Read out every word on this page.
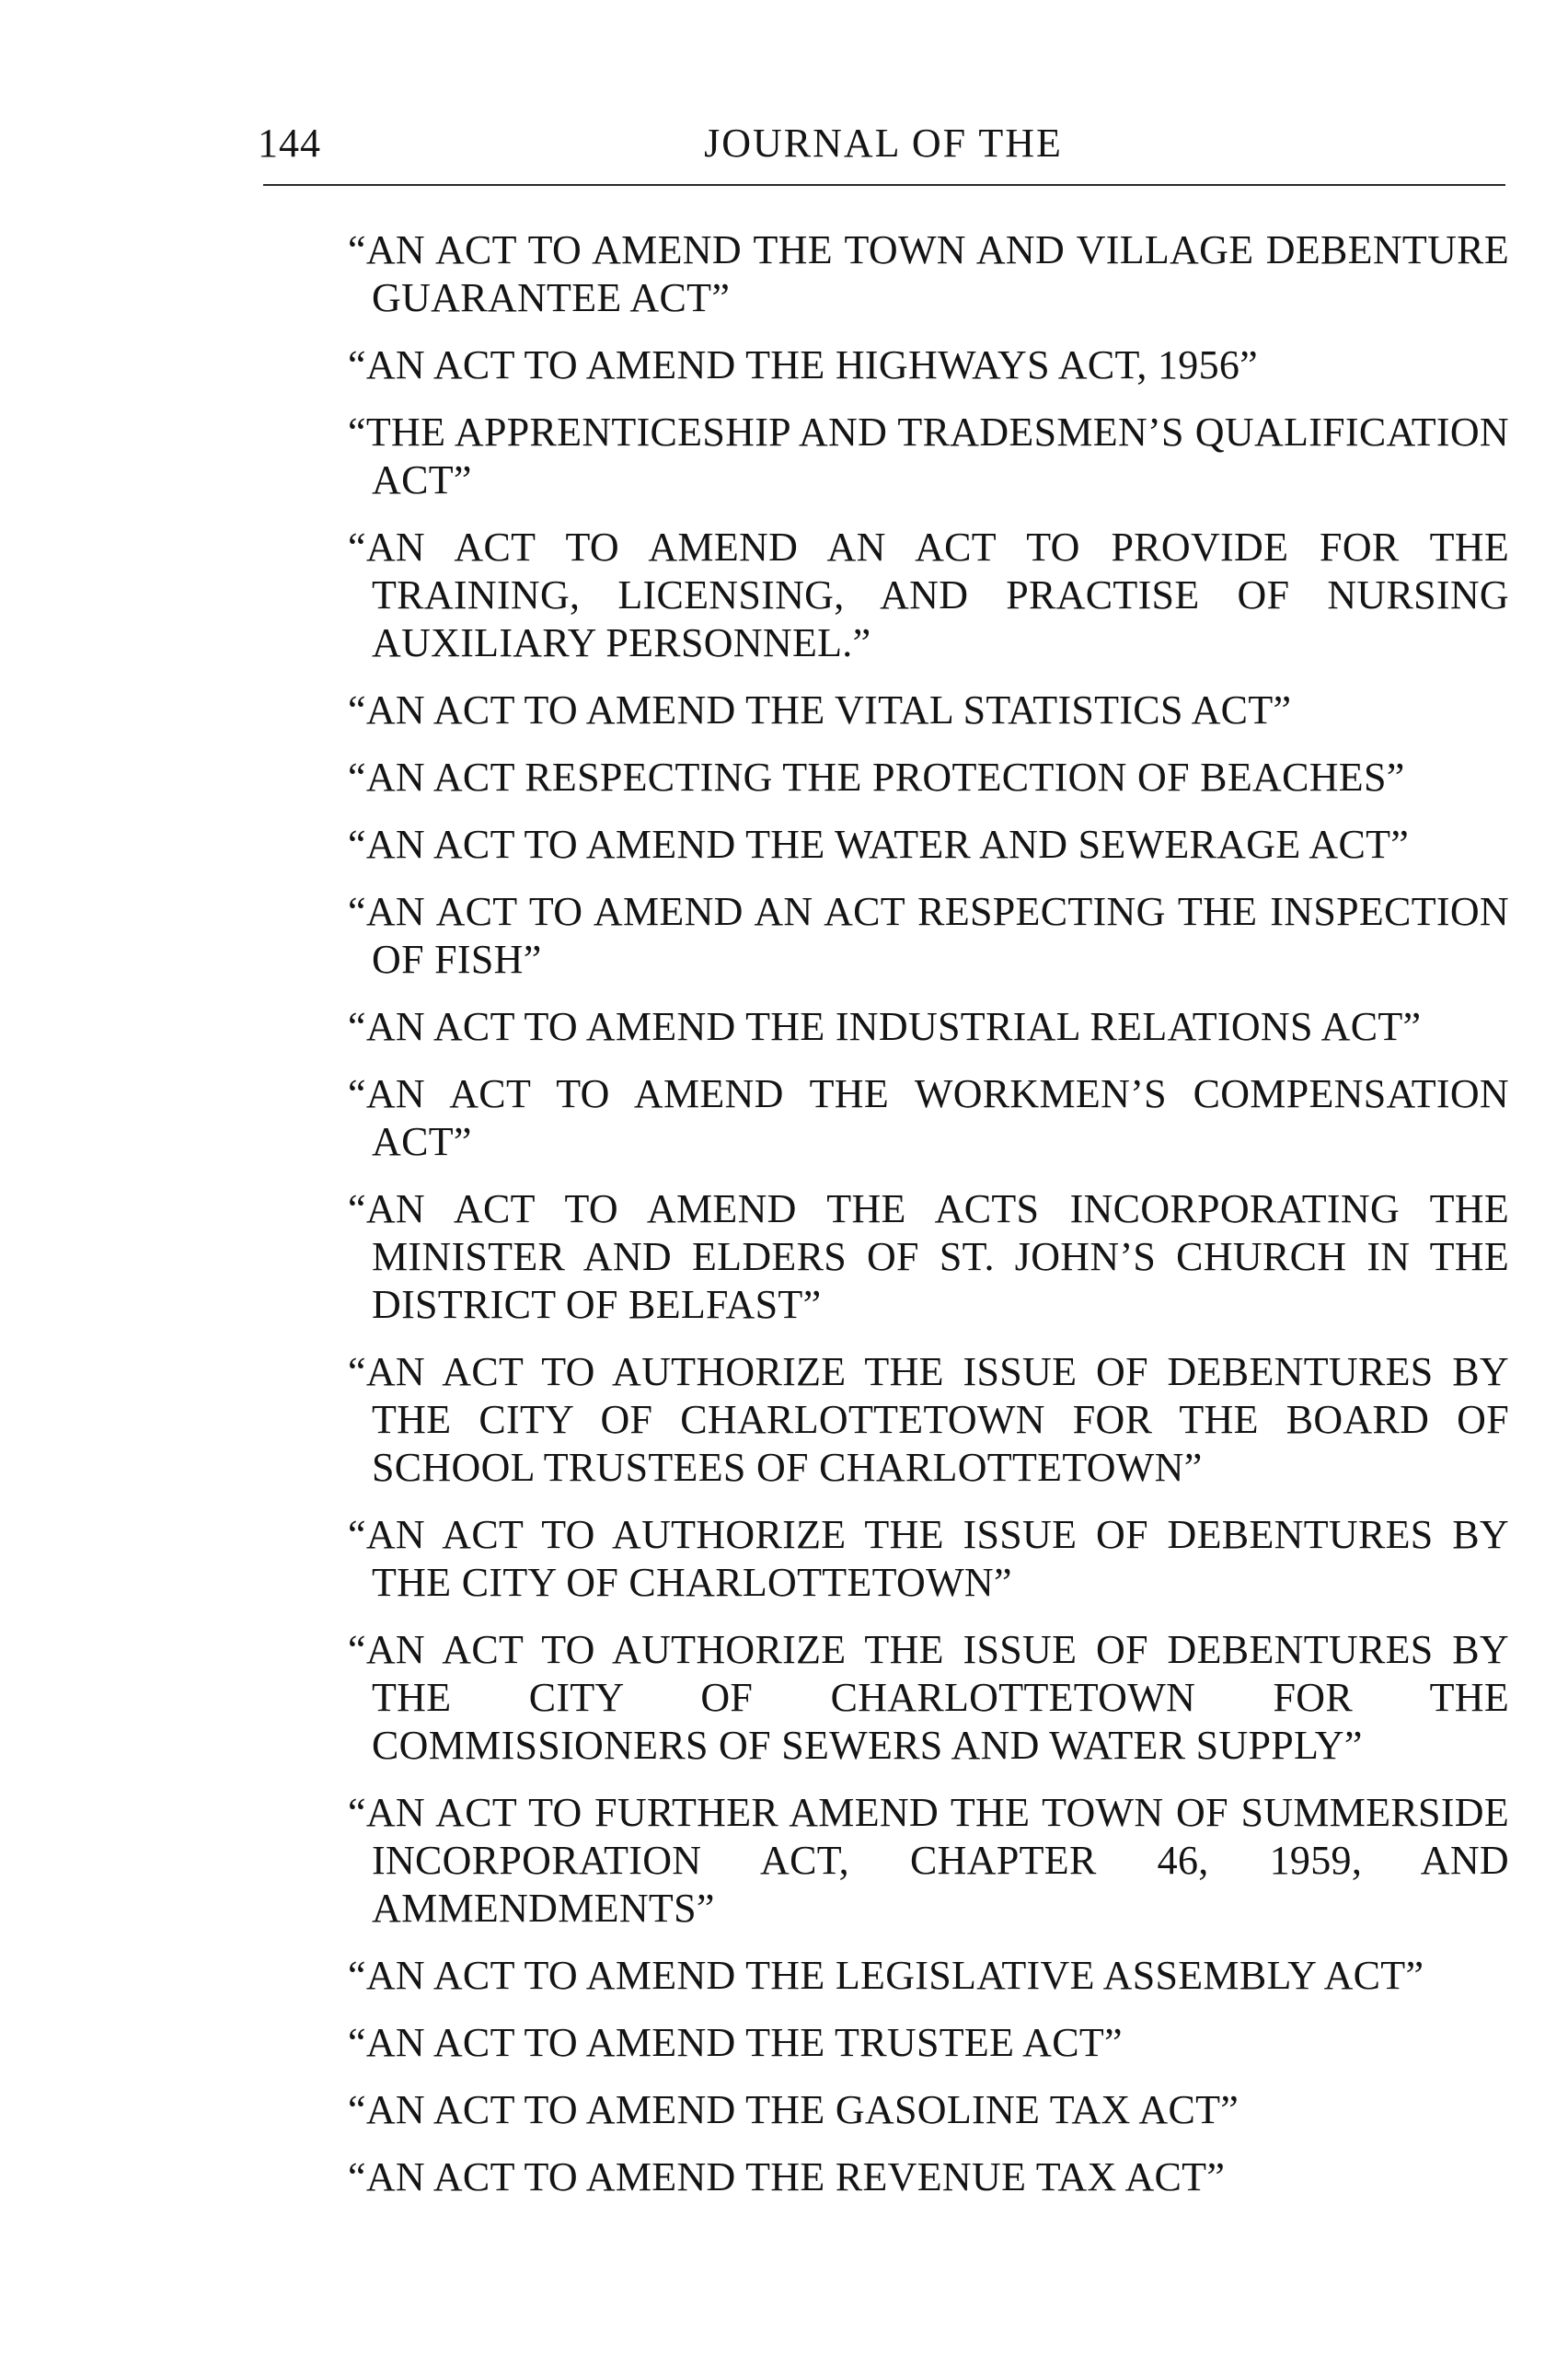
144	JOURNAL OF THE
“AN ACT TO AMEND THE TOWN AND VILLAGE DEBENTURE GUARANTEE ACT”
“AN ACT TO AMEND THE HIGHWAYS ACT, 1956”
“THE APPRENTICESHIP AND TRADESMEN’S QUALIFICATION ACT”
“AN ACT TO AMEND AN ACT TO PROVIDE FOR THE TRAINING, LICENSING, AND PRACTISE OF NURSING AUXILIARY PERSONNEL.”
“AN ACT TO AMEND THE VITAL STATISTICS ACT”
“AN ACT RESPECTING THE PROTECTION OF BEACHES”
“AN ACT TO AMEND THE WATER AND SEWERAGE ACT”
“AN ACT TO AMEND AN ACT RESPECTING THE INSPECTION OF FISH”
“AN ACT TO AMEND THE INDUSTRIAL RELATIONS ACT”
“AN ACT TO AMEND THE WORKMEN’S COMPENSATION ACT”
“AN ACT TO AMEND THE ACTS INCORPORATING THE MINISTER AND ELDERS OF ST. JOHN’S CHURCH IN THE DISTRICT OF BELFAST”
“AN ACT TO AUTHORIZE THE ISSUE OF DEBENTURES BY THE CITY OF CHARLOTTETOWN FOR THE BOARD OF SCHOOL TRUSTEES OF CHARLOTTETOWN”
“AN ACT TO AUTHORIZE THE ISSUE OF DEBENTURES BY THE CITY OF CHARLOTTETOWN”
“AN ACT TO AUTHORIZE THE ISSUE OF DEBENTURES BY THE CITY OF CHARLOTTETOWN FOR THE COMMISSIONERS OF SEWERS AND WATER SUPPLY”
“AN ACT TO FURTHER AMEND THE TOWN OF SUMMERSIDE INCORPORATION ACT, CHAPTER 46, 1959, AND AMMENDMENTS”
“AN ACT TO AMEND THE LEGISLATIVE ASSEMBLY ACT”
“AN ACT TO AMEND THE TRUSTEE ACT”
“AN ACT TO AMEND THE GASOLINE TAX ACT”
“AN ACT TO AMEND THE REVENUE TAX ACT”
